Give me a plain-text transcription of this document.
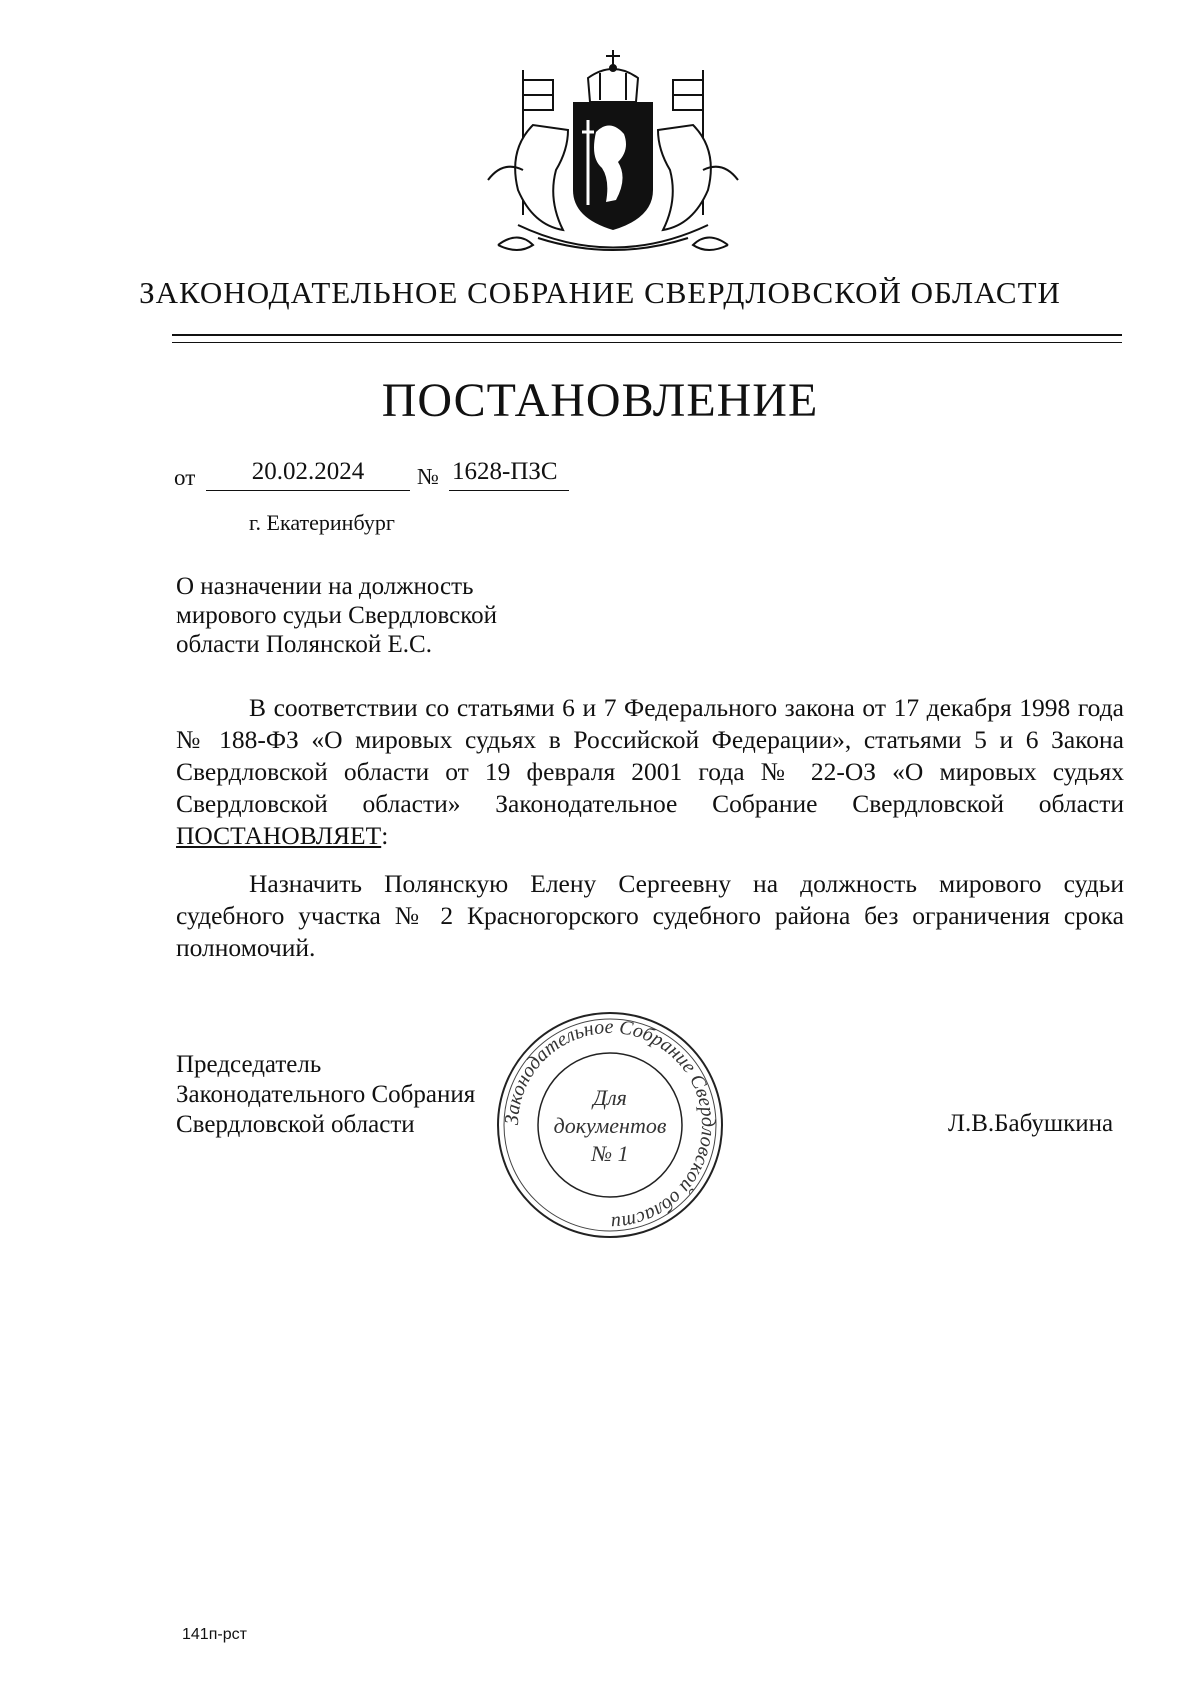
ЗАКОНОДАТЕЛЬНОЕ СОБРАНИЕ СВЕРДЛОВСКОЙ ОБЛАСТИ
ПОСТАНОВЛЕНИЕ
от	20.02.2024	№ 1628-ПЗС
г. Екатеринбург
О назначении на должность
мирового судьи Свердловской
области Полянской Е.С.
В соответствии со статьями 6 и 7 Федерального закона от 17 декабря 1998 года № 188-ФЗ «О мировых судьях в Российской Федерации», статьями 5 и 6 Закона Свердловской области от 19 февраля 2001 года № 22-ОЗ «О мировых судьях Свердловской области» Законодательное Собрание Свердловской области ПОСТАНОВЛЯЕТ:
Назначить Полянскую Елену Сергеевну на должность мирового судьи судебного участка № 2 Красногорского судебного района без ограничения срока полномочий.
Председатель
Законодательного Собрания
Свердловской области	Л.В.Бабушкина
Законодательное Собрание Свердловской области
Для
документов
№ 1
141п-рст
